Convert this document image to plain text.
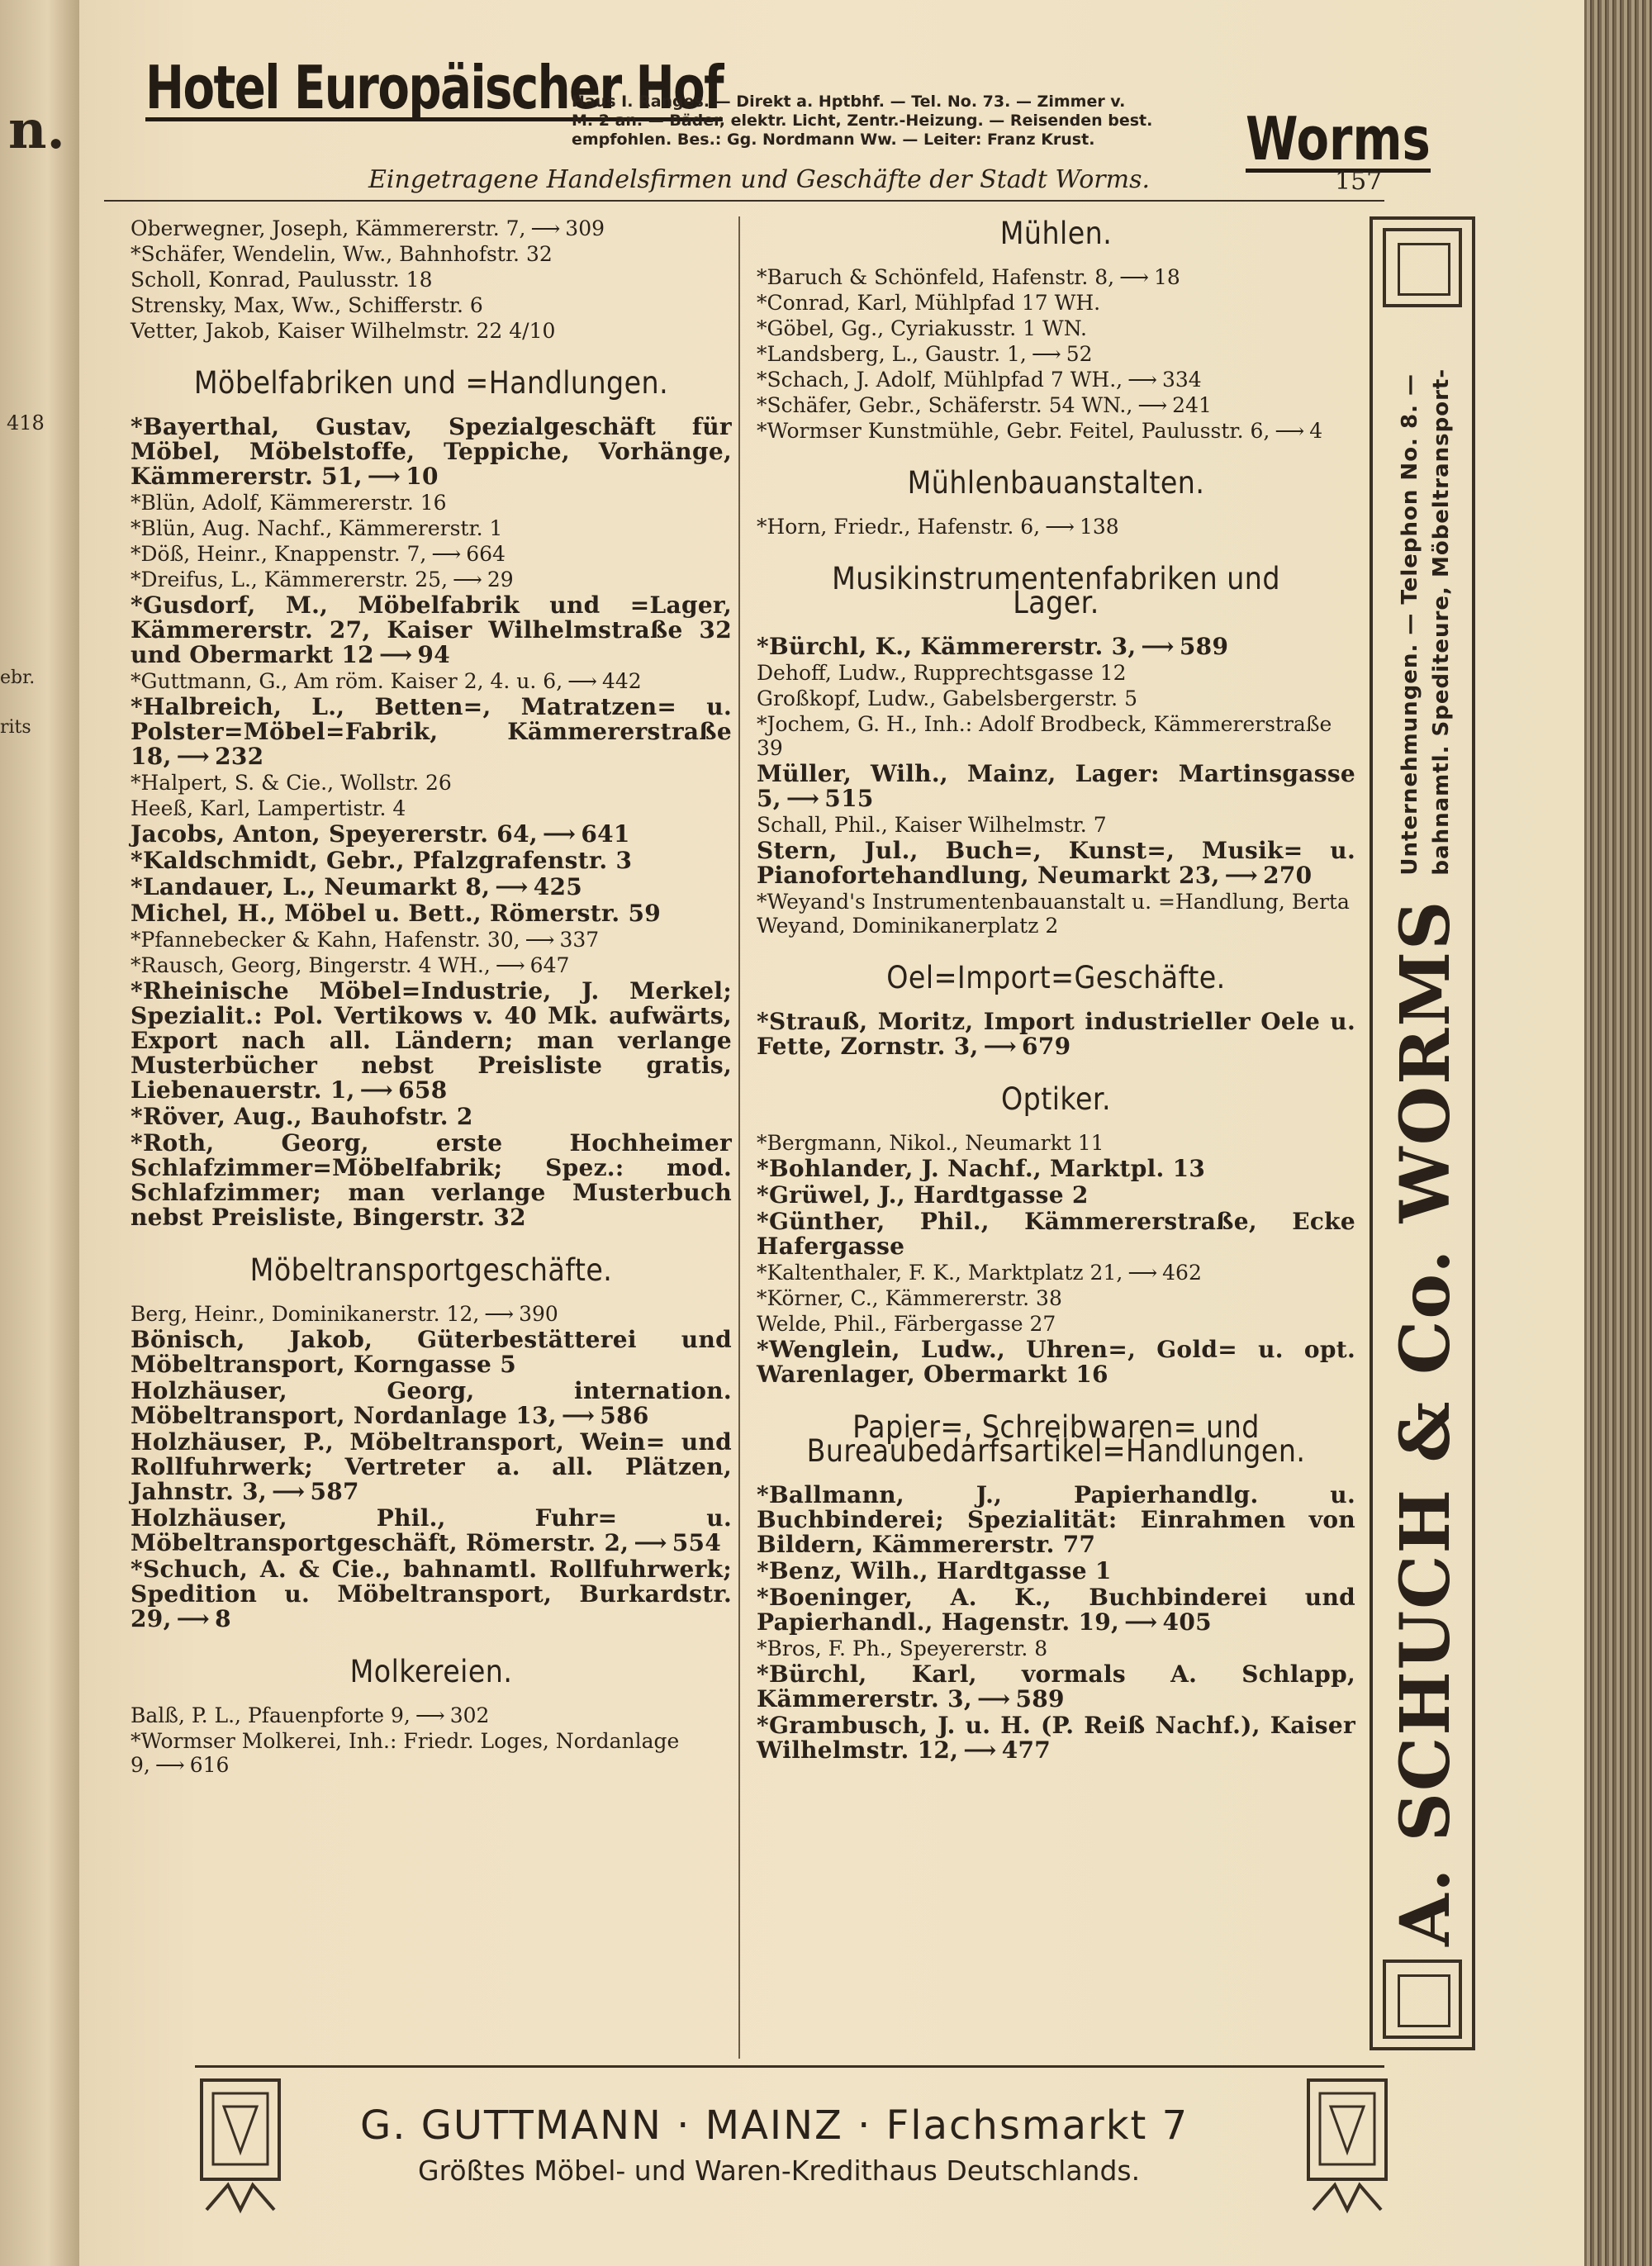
n.
418
ebr.
rits
Hotel Europäischer Hof
Haus I. Ranges. — Direkt a. Hptbhf. — Tel. No. 73. — Zimmer v.
M. 2 an. — Bäder, elektr. Licht, Zentr.-Heizung. — Reisenden best.
empfohlen. Bes.: Gg. Nordmann Ww. — Leiter: Franz Krust.	Worms
Eingetragene Handelsfirmen und Geschäfte der Stadt Worms.	157
Oberwegner, Joseph, Kämmererstr. 7, ⟶ 309
*Schäfer, Wendelin, Ww., Bahnhofstr. 32
Scholl, Konrad, Paulusstr. 18
Strensky, Max, Ww., Schifferstr. 6
Vetter, Jakob, Kaiser Wilhelmstr. 22 4/10
Möbelfabriken und =Handlungen.
*Bayerthal, Gustav, Spezialgeschäft für Möbel, Möbelstoffe, Teppiche, Vorhänge, Kämmererstr. 51, ⟶ 10
*Blün, Adolf, Kämmererstr. 16
*Blün, Aug. Nachf., Kämmererstr. 1
*Döß, Heinr., Knappenstr. 7, ⟶ 664
*Dreifus, L., Kämmererstr. 25, ⟶ 29
*Gusdorf, M., Möbelfabrik und =Lager, Kämmererstr. 27, Kaiser Wilhelmstraße 32 und Obermarkt 12 ⟶ 94
*Guttmann, G., Am röm. Kaiser 2, 4. u. 6, ⟶ 442
*Halbreich, L., Betten=, Matratzen= u. Polster=Möbel=Fabrik, Kämmererstraße 18, ⟶ 232
*Halpert, S. & Cie., Wollstr. 26
Heeß, Karl, Lampertistr. 4
Jacobs, Anton, Speyererstr. 64, ⟶ 641
*Kaldschmidt, Gebr., Pfalzgrafenstr. 3
*Landauer, L., Neumarkt 8, ⟶ 425
Michel, H., Möbel u. Bett., Römerstr. 59
*Pfannebecker & Kahn, Hafenstr. 30, ⟶ 337
*Rausch, Georg, Bingerstr. 4 WH., ⟶ 647
*Rheinische Möbel=Industrie, J. Merkel; Spezialit.: Pol. Vertikows v. 40 Mk. aufwärts, Export nach all. Ländern; man verlange Musterbücher nebst Preisliste gratis, Liebenauerstr. 1, ⟶ 658
*Röver, Aug., Bauhofstr. 2
*Roth, Georg, erste Hochheimer Schlafzimmer=Möbelfabrik; Spez.: mod. Schlafzimmer; man verlange Musterbuch nebst Preisliste, Bingerstr. 32
Möbeltransportgeschäfte.
Berg, Heinr., Dominikanerstr. 12, ⟶ 390
Bönisch, Jakob, Güterbestätterei und Möbeltransport, Korngasse 5
Holzhäuser, Georg, internation. Möbeltransport, Nordanlage 13, ⟶ 586
Holzhäuser, P., Möbeltransport, Wein= und Rollfuhrwerk; Vertreter a. all. Plätzen, Jahnstr. 3, ⟶ 587
Holzhäuser, Phil., Fuhr= u. Möbeltransportgeschäft, Römerstr. 2, ⟶ 554
*Schuch, A. & Cie., bahnamtl. Rollfuhrwerk; Spedition u. Möbeltransport, Burkardstr. 29, ⟶ 8
Molkereien.
Balß, P. L., Pfauenpforte 9, ⟶ 302
*Wormser Molkerei, Inh.: Friedr. Loges, Nordanlage 9, ⟶ 616
Mühlen.
*Baruch & Schönfeld, Hafenstr. 8, ⟶ 18
*Conrad, Karl, Mühlpfad 17 WH.
*Göbel, Gg., Cyriakusstr. 1 WN.
*Landsberg, L., Gaustr. 1, ⟶ 52
*Schach, J. Adolf, Mühlpfad 7 WH., ⟶ 334
*Schäfer, Gebr., Schäferstr. 54 WN., ⟶ 241
*Wormser Kunstmühle, Gebr. Feitel, Paulusstr. 6, ⟶ 4
Mühlenbauanstalten.
*Horn, Friedr., Hafenstr. 6, ⟶ 138
Musikinstrumentenfabriken und Lager.
*Bürchl, K., Kämmererstr. 3, ⟶ 589
Dehoff, Ludw., Rupprechtsgasse 12
Großkopf, Ludw., Gabelsbergerstr. 5
*Jochem, G. H., Inh.: Adolf Brodbeck, Kämmererstraße 39
Müller, Wilh., Mainz, Lager: Martinsgasse 5, ⟶ 515
Schall, Phil., Kaiser Wilhelmstr. 7
Stern, Jul., Buch=, Kunst=, Musik= u. Pianofortehandlung, Neumarkt 23, ⟶ 270
*Weyand's Instrumentenbauanstalt u. =Handlung, Berta Weyand, Dominikanerplatz 2
Oel=Import=Geschäfte.
*Strauß, Moritz, Import industrieller Oele u. Fette, Zornstr. 3, ⟶ 679
Optiker.
*Bergmann, Nikol., Neumarkt 11
*Bohlander, J. Nachf., Marktpl. 13
*Grüwel, J., Hardtgasse 2
*Günther, Phil., Kämmererstraße, Ecke Hafergasse
*Kaltenthaler, F. K., Marktplatz 21, ⟶ 462
*Körner, C., Kämmererstr. 38
Welde, Phil., Färbergasse 27
*Wenglein, Ludw., Uhren=, Gold= u. opt. Warenlager, Obermarkt 16
Papier=, Schreibwaren= und Bureaubedarfsartikel=Handlungen.
*Ballmann, J., Papierhandlg. u. Buchbinderei; Spezialität: Einrahmen von Bildern, Kämmererstr. 77
*Benz, Wilh., Hardtgasse 1
*Boeninger, A. K., Buchbinderei und Papierhandl., Hagenstr. 19, ⟶ 405
*Bros, F. Ph., Speyererstr. 8
*Bürchl, Karl, vormals A. Schlapp, Kämmererstr. 3, ⟶ 589
*Grambusch, J. u. H. (P. Reiß Nachf.), Kaiser Wilhelmstr. 12, ⟶ 477	A. SCHUCH & Co. WORMS
Unternehmungen. — Telephon No. 8. — bahnamtl. Spediteure, Möbeltransport-
G. GUTTMANN · MAINZ · Flachsmarkt 7
Größtes Möbel- und Waren-Kredithaus Deutschlands.
